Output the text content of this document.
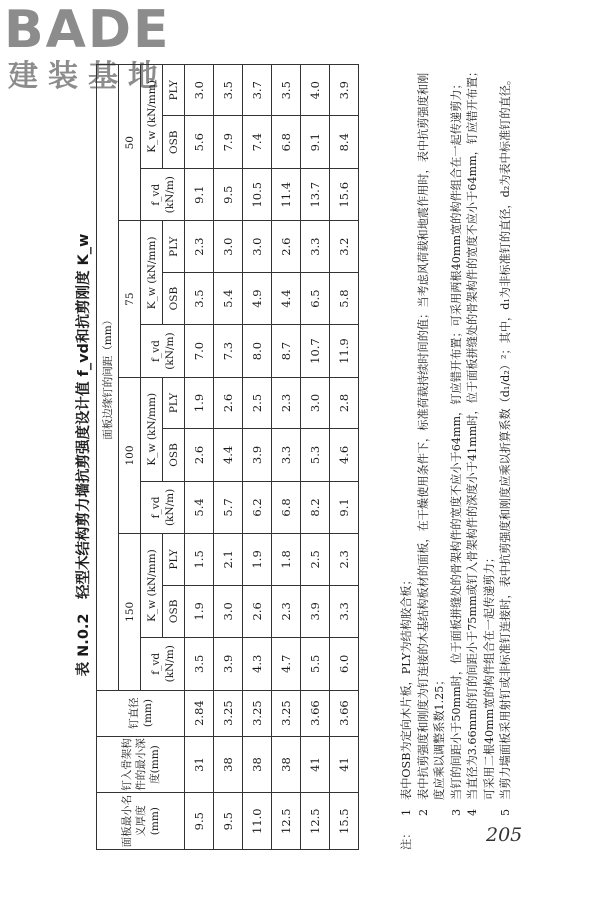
BADE
建装基地
表 N.0.2　轻型木结构剪力墙抗剪强度设计值 f_vd和抗剪刚度 K_w
面板最小名义厚度(mm)	钉入骨架构件的最小深度(mm)	钉直径(mm)	面板边缘钉的间距（mm）											
			150			100			75			50		
			f_vd (kN/m)	K_w (kN/mm)		f_vd (kN/m)	K_w (kN/mm)		f_vd (kN/m)	K_w (kN/mm)		f_vd (kN/m)	K_w (kN/mm)	
				OSB	PLY		OSB	PLY		OSB	PLY		OSB	PLY
9.5	31	2.84	3.5	1.9	1.5	5.4	2.6	1.9	7.0	3.5	2.3	9.1	5.6	3.0
9.5	38	3.25	3.9	3.0	2.1	5.7	4.4	2.6	7.3	5.4	3.0	9.5	7.9	3.5
11.0	38	3.25	4.3	2.6	1.9	6.2	3.9	2.5	8.0	4.9	3.0	10.5	7.4	3.7
12.5	38	3.25	4.7	2.3	1.8	6.8	3.3	2.3	8.7	4.4	2.6	11.4	6.8	3.5
12.5	41	3.66	5.5	3.9	2.5	8.2	5.3	3.0	10.7	6.5	3.3	13.7	9.1	4.0
15.5	41	3.66	6.0	3.3	2.3	9.1	4.6	2.8	11.9	5.8	3.2	15.6	8.4	3.9
注：
1
表中OSB为定向木片板，PLY为结构胶合板；
2
表中抗剪强度和刚度为钉连接的木基结构板材的面板，在干燥使用条件下，标准荷载持续时间的值；当考虑风荷载和地震作用时，表中抗剪强度和刚度应乘以调整系数1.25；
3
当钉的间距小于50mm时，位于面板拼缝处的骨架构件的宽度不应小于64mm，钉应错开布置；可采用两根40mm宽的构件组合在一起传递剪力；
4
当直径为3.66mm的钉的间距小于75mm或钉入骨架构件的深度小于41mm时，位于面板拼缝处的骨架构件的宽度不应小于64mm，钉应错开布置；可采用二根40mm宽的构件组合在一起传递剪力；
5
当剪力墙面板采用射钉或非标准钉连接时，表中抗剪强度和刚度应乘以折算系数（d₁/d₂）²；其中，d₁为非标准钉的直径，d₂为表中标准钉的直径。
205
